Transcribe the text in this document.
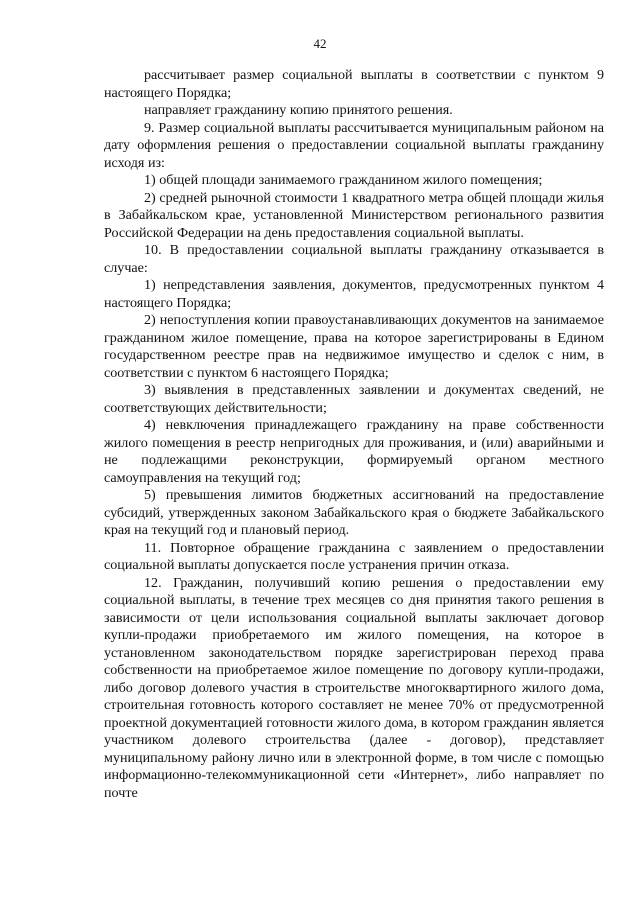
42

рассчитывает размер социальной выплаты в соответствии с пунктом 9 настоящего Порядка;

направляет гражданину копию принятого решения.

9. Размер социальной выплаты рассчитывается муниципальным районом на дату оформления решения о предоставлении социальной выплаты гражданину исходя из:

1) общей площади занимаемого гражданином жилого помещения;

2) средней рыночной стоимости 1 квадратного метра общей площади жилья в Забайкальском крае, установленной Министерством регионального развития Российской Федерации на день предоставления социальной выплаты.

10. В предоставлении социальной выплаты гражданину отказывается в случае:

1) непредставления заявления, документов, предусмотренных пунктом 4 настоящего Порядка;

2) непоступления копии правоустанавливающих документов на занимаемое гражданином жилое помещение, права на которое зарегистрированы в Едином государственном реестре прав на недвижимое имущество и сделок с ним, в соответствии с пунктом 6 настоящего Порядка;

3) выявления в представленных заявлении и документах сведений, не соответствующих действительности;

4) невключения принадлежащего гражданину на праве собственности жилого помещения в реестр непригодных для проживания, и (или) аварийными и не подлежащими реконструкции, формируемый органом местного самоуправления на текущий год;

5) превышения лимитов бюджетных ассигнований на предоставление субсидий, утвержденных законом Забайкальского края о бюджете Забайкальского края на текущий год и плановый период.

11. Повторное обращение гражданина с заявлением о предоставлении социальной выплаты допускается после устранения причин отказа.

12. Гражданин, получивший копию решения о предоставлении ему социальной выплаты, в течение трех месяцев со дня принятия такого решения в зависимости от цели использования социальной выплаты заключает договор купли-продажи приобретаемого им жилого помещения, на которое в установленном законодательством порядке зарегистрирован переход права собственности на приобретаемое жилое помещение по договору купли-продажи, либо договор долевого участия в строительстве многоквартирного жилого дома, строительная готовность которого составляет не менее 70% от предусмотренной проектной документацией готовности жилого дома, в котором гражданин является участником долевого строительства (далее - договор), представляет муниципальному району лично или в электронной форме, в том числе с помощью информационно-телекоммуникационной сети «Интернет», либо направляет по почте
